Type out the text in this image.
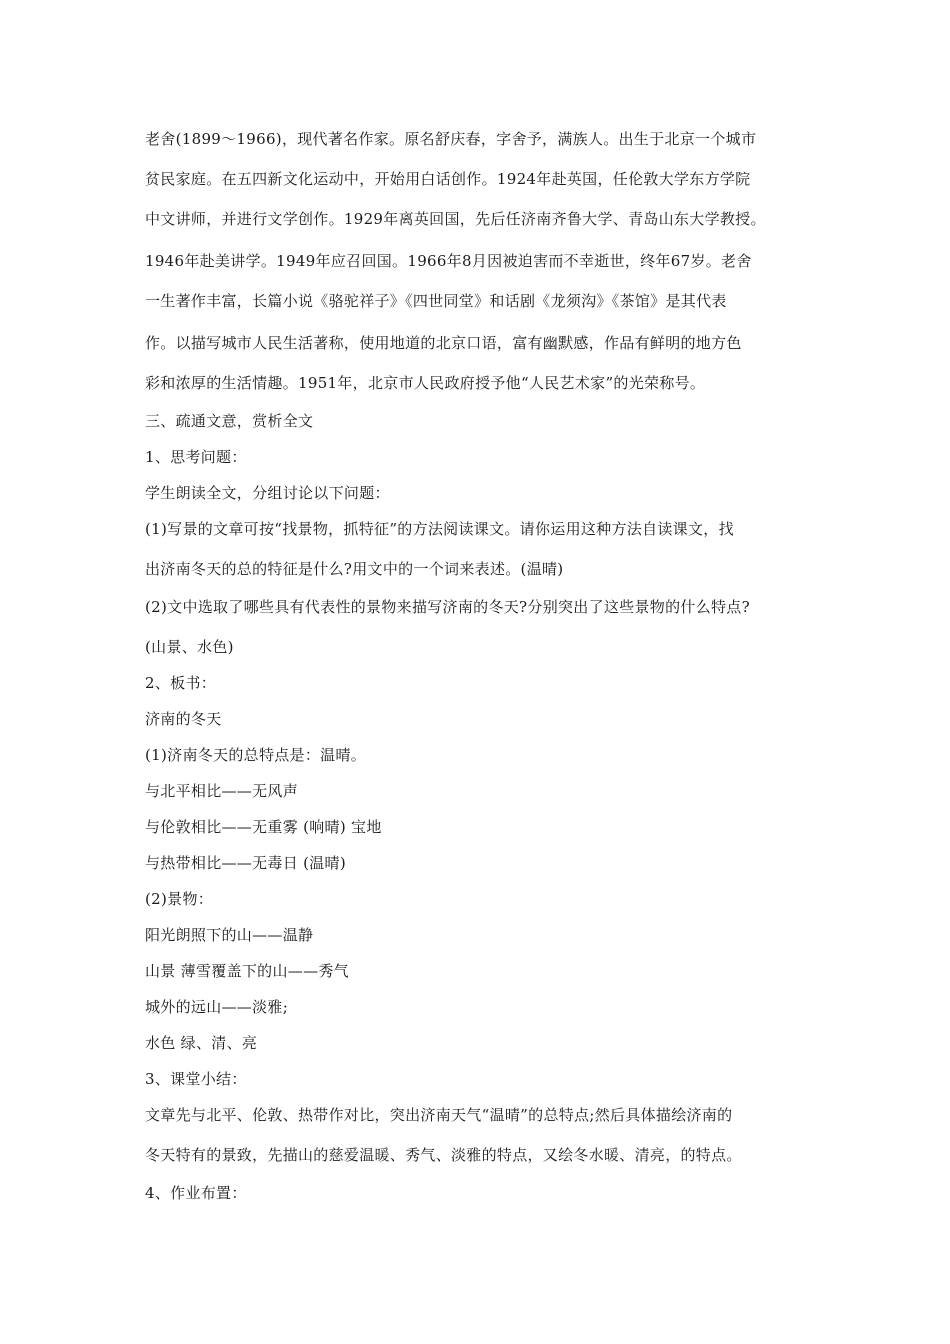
老舍(1899～1966)，现代著名作家。原名舒庆春，字舍予，满族人。出生于北京一个城市
贫民家庭。在五四新文化运动中，开始用白话创作。1924年赴英国，任伦敦大学东方学院
中文讲师，并进行文学创作。1929年离英回国，先后任济南齐鲁大学、青岛山东大学教授。
1946年赴美讲学。1949年应召回国。1966年8月因被迫害而不幸逝世，终年67岁。老舍
一生著作丰富，长篇小说《骆驼祥子》《四世同堂》和话剧《龙须沟》《茶馆》是其代表
作。以描写城市人民生活著称，使用地道的北京口语，富有幽默感，作品有鲜明的地方色
彩和浓厚的生活情趣。1951年，北京市人民政府授予他“人民艺术家”的光荣称号。
三、疏通文意，赏析全文
1、思考问题：
学生朗读全文，分组讨论以下问题：
(1)写景的文章可按“找景物，抓特征”的方法阅读课文。请你运用这种方法自读课文，找
出济南冬天的总的特征是什么?用文中的一个词来表述。(温晴)
(2)文中选取了哪些具有代表性的景物来描写济南的冬天?分别突出了这些景物的什么特点?
(山景、水色)
2、板书：
济南的冬天
(1)济南冬天的总特点是：温晴。
与北平相比——无风声
与伦敦相比——无重雾 (响晴) 宝地
与热带相比——无毒日 (温晴)
(2)景物：
阳光朗照下的山——温静
山景 薄雪覆盖下的山——秀气
城外的远山——淡雅;
水色 绿、清、亮
3、课堂小结：
文章先与北平、伦敦、热带作对比，突出济南天气“温晴”的总特点;然后具体描绘济南的
冬天特有的景致，先描山的慈爱温暖、秀气、淡雅的特点，又绘冬水暖、清亮，的特点。
4、作业布置：
